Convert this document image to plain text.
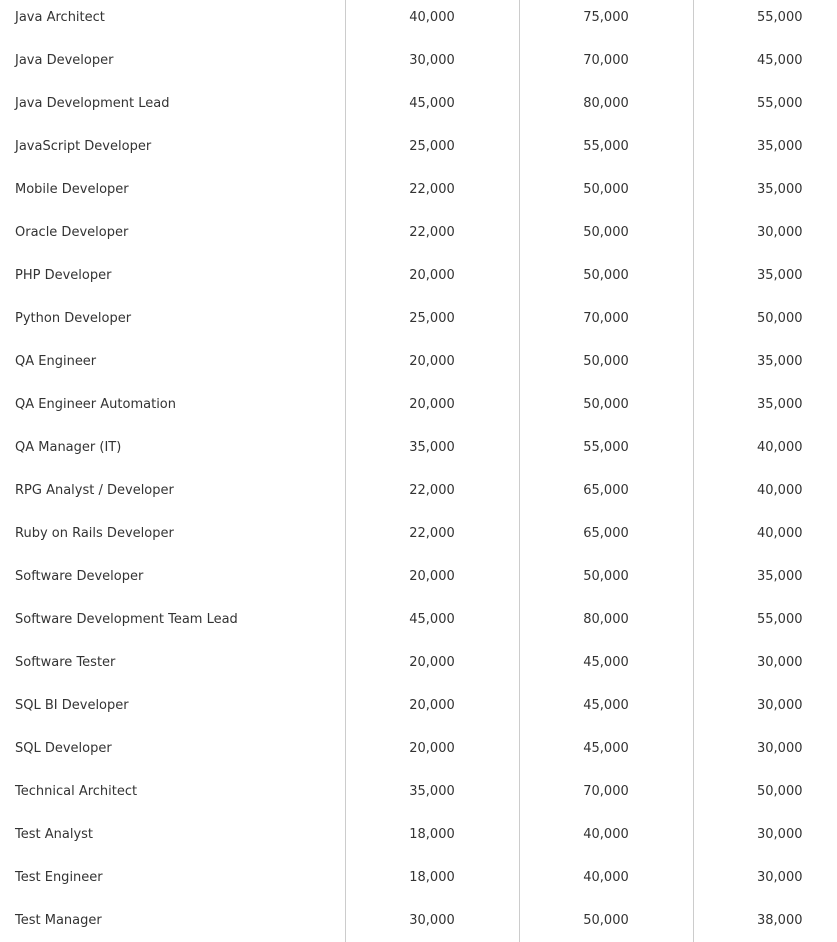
Java Architect	40,000	75,000	55,000
Java Developer	30,000	70,000	45,000
Java Development Lead	45,000	80,000	55,000
JavaScript Developer	25,000	55,000	35,000
Mobile Developer	22,000	50,000	35,000
Oracle Developer	22,000	50,000	30,000
PHP Developer	20,000	50,000	35,000
Python Developer	25,000	70,000	50,000
QA Engineer	20,000	50,000	35,000
QA Engineer Automation	20,000	50,000	35,000
QA Manager (IT)	35,000	55,000	40,000
RPG Analyst / Developer	22,000	65,000	40,000
Ruby on Rails Developer	22,000	65,000	40,000
Software Developer	20,000	50,000	35,000
Software Development Team Lead	45,000	80,000	55,000
Software Tester	20,000	45,000	30,000
SQL BI Developer	20,000	45,000	30,000
SQL Developer	20,000	45,000	30,000
Technical Architect	35,000	70,000	50,000
Test Analyst	18,000	40,000	30,000
Test Engineer	18,000	40,000	30,000
Test Manager	30,000	50,000	38,000
